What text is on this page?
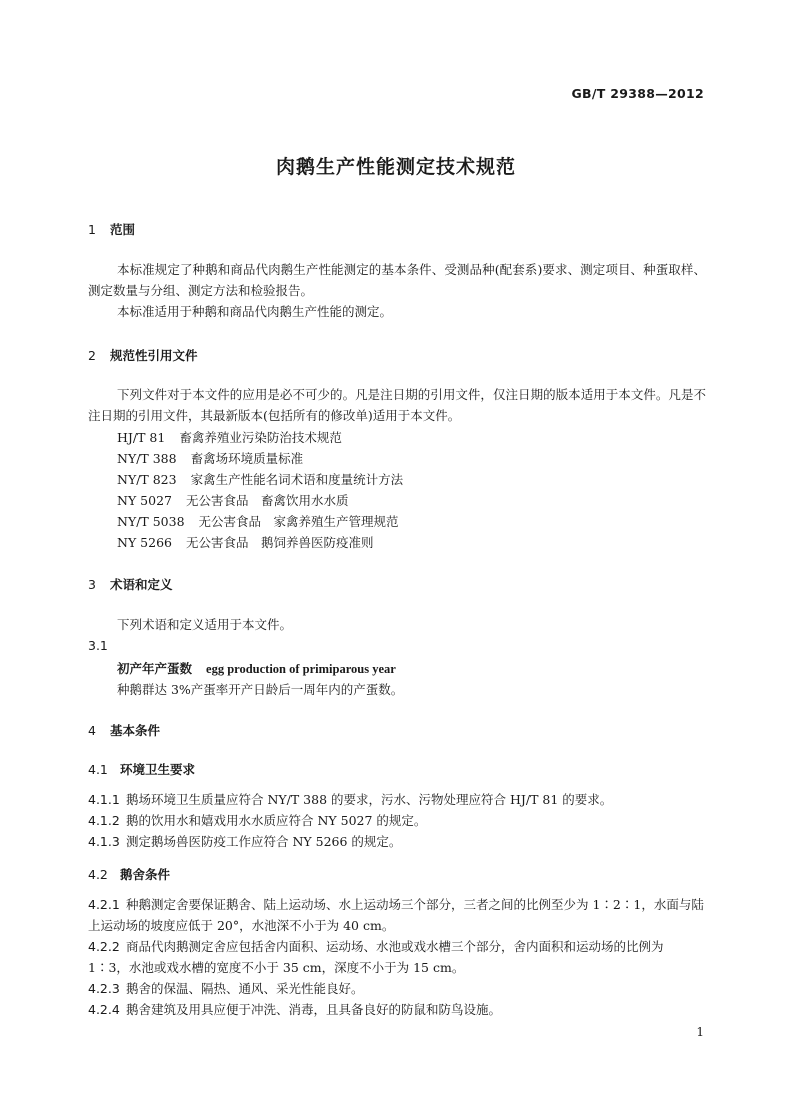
GB/T 29388—2012
肉鹅生产性能测定技术规范
1 范围
本标准规定了种鹅和商品代肉鹅生产性能测定的基本条件、受测品种(配套系)要求、测定项目、种蛋取样、测定数量与分组、测定方法和检验报告。
本标准适用于种鹅和商品代肉鹅生产性能的测定。
2 规范性引用文件
下列文件对于本文件的应用是必不可少的。凡是注日期的引用文件，仅注日期的版本适用于本文件。凡是不注日期的引用文件，其最新版本(包括所有的修改单)适用于本文件。
HJ/T 81 畜禽养殖业污染防治技术规范
NY/T 388 畜禽场环境质量标准
NY/T 823 家禽生产性能名词术语和度量统计方法
NY 5027 无公害食品　畜禽饮用水水质
NY/T 5038 无公害食品　家禽养殖生产管理规范
NY 5266 无公害食品　鹅饲养兽医防疫准则
3 术语和定义
下列术语和定义适用于本文件。
3.1
初产年产蛋数 egg production of primiparous year
种鹅群达 3%产蛋率开产日龄后一周年内的产蛋数。
4 基本条件
4.1 环境卫生要求
4.1.1 鹅场环境卫生质量应符合 NY/T 388 的要求，污水、污物处理应符合 HJ/T 81 的要求。
4.1.2 鹅的饮用水和嬉戏用水水质应符合 NY 5027 的规定。
4.1.3 测定鹅场兽医防疫工作应符合 NY 5266 的规定。
4.2 鹅舍条件
4.2.1 种鹅测定舍要保证鹅舍、陆上运动场、水上运动场三个部分，三者之间的比例至少为 1∶2∶1，水面与陆上运动场的坡度应低于 20°，水池深不小于为 40 cm。
4.2.2 商品代肉鹅测定舍应包括舍内面积、运动场、水池或戏水槽三个部分，舍内面积和运动场的比例为 1∶3，水池或戏水槽的宽度不小于 35 cm，深度不小于为 15 cm。
4.2.3 鹅舍的保温、隔热、通风、采光性能良好。
4.2.4 鹅舍建筑及用具应便于冲洗、消毒，且具备良好的防鼠和防鸟设施。
1
